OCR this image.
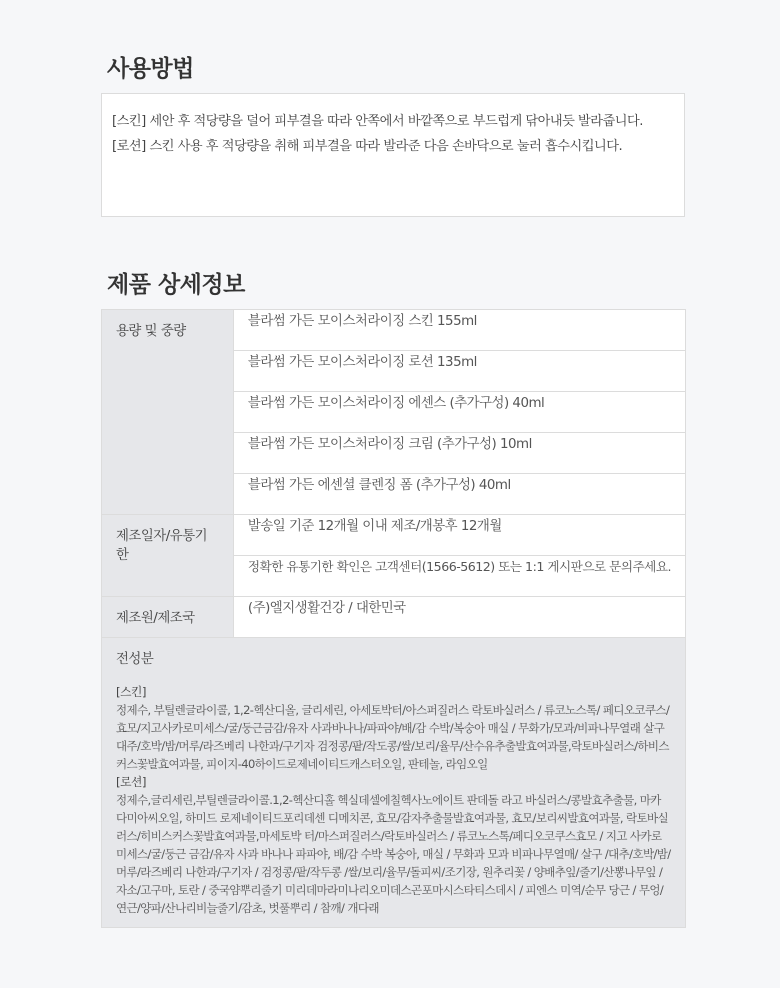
사용방법

[스킨] 세안 후 적당량을 덜어 피부결을 따라 안쪽에서 바깥쪽으로 부드럽게 닦아내듯 발라줍니다.

[로션] 스킨 사용 후 적당량을 취해 피부결을 따라 발라준 다음 손바닥으로 눌러 흡수시킵니다.

제품 상세정보
용량 및 중량	블라썸 가든 모이스처라이징 스킨 155ml
	블라썸 가든 모이스처라이징 로션 135ml
	블라썸 가든 모이스처라이징 에센스 (추가구성) 40ml
	블라썸 가든 모이스처라이징 크림 (추가구성) 10ml
	블라썸 가든 에센셜 클렌징 폼 (추가구성) 40ml
제조일자/유통기한	발송일 기준 12개월 이내 제조/개봉후 12개월
	정확한 유통기한 확인은 고객센터(1566-5612) 또는 1:1 게시판으로 문의주세요.
제조원/제조국	(주)엘지생활건강 / 대한민국

전성분
[스킨]
정제수, 부틸렌글라이콜, 1,2-헥산디올, 글리세린, 아세토박터/아스퍼질러스 락토바실러스 / 류코노스톡/ 페디오코쿠스/효모/지고사카로미세스/굴/둥근금감/유자 사과바나나/파파야/배/감 수박/복숭아 매실 / 무화가/모과/비파나무열래 살구 대주/호박/밤/머루/라즈베리 나한과/구기자 검정콩/팥/작도콩/쌀/보리/율무/산수유추출발효여과물,락토바실러스/하비스커스꽃발효여과물, 피이지-40하이드로제네이티드캐스터오일, 판테놀, 라임오일
[로션]
정제수,글리세린,부틸렌글라이콜.1,2-헥산디홀 헥실데셀에칠헥사노에이트 판데돌 라고 바실러스/콩발효추출물, 마카다미아씨오일, 하미드 로제네이티드포리데센 디메치콘, 효모/감자추출물발효여과물, 효모/보리씨발효여과물, 락토바실러스/히비스커스꽃발효여과물,마세토박 터/마스퍼질러스/락토바실러스 / 류코노스톡/페디오코쿠스효모 / 지고 사카로미세스/굴/둥근 금감/유자 사과 바나나 파파야, 배/감 수박 복숭아, 매실 / 무화과 모과 비파나무열매/ 살구 /대추/호박/밤/머루/라즈베리 나한과/구기자 / 검정콩/팥/작두콩 /쌀/보리/율무/돌피씨/조기장, 원추리꽃 / 양배추잎/줄기/산뽕나무잎 / 자소/고구마, 토란 / 중국얌뿌리줄기 미리데마라미나리오미데스곤포마시스타티스데시 / 피엔스 미역/순무 당근 / 무엉/연근/양파/산나리비늘줄기/감초, 벗풀뿌리 / 참깨/ 개다래	
